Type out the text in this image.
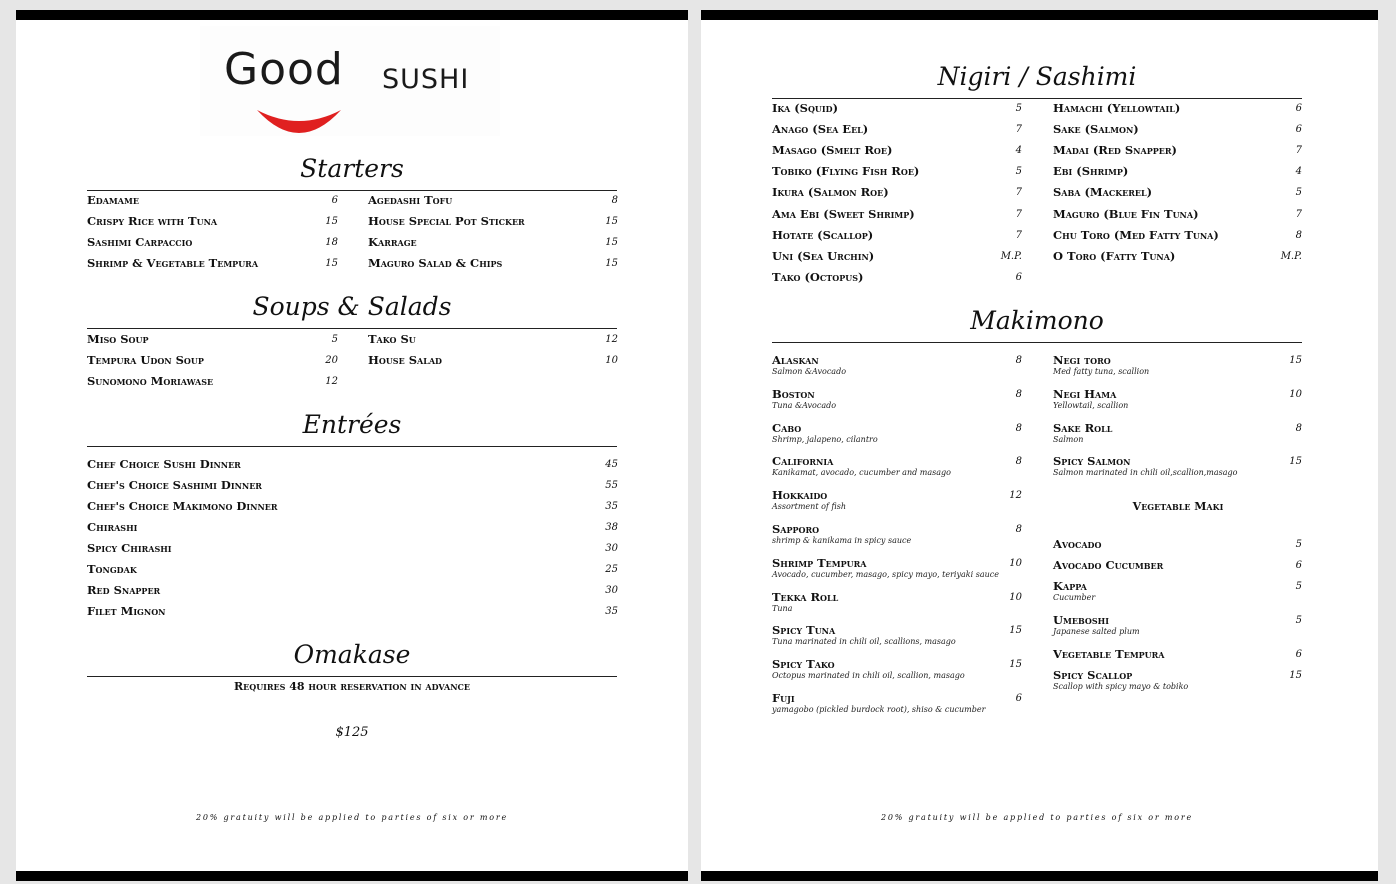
Good SUSHI
Starters
Edamame	6
Crispy Rice with Tuna	15
Sashimi Carpaccio	18
Shrimp & Vegetable Tempura	15
Agedashi Tofu	8
House Special Pot Sticker	15
Karrage	15
Maguro Salad & Chips	15
Soups & Salads
Miso Soup	5
Tempura Udon Soup	20
Sunomono Moriawase	12
Tako Su	12
House Salad	10
Entrées
Chef Choice Sushi Dinner	45
Chef's Choice Sashimi Dinner	55
Chef's Choice Makimono Dinner	35
Chirashi	38
Spicy Chirashi	30
Tongdak	25
Red Snapper	30
Filet Mignon	35
Omakase
Requires 48 hour reservation in advance
$125
20% gratuity will be applied to parties of six or more
Nigiri / Sashimi
Ika (Squid)	5
Anago (Sea Eel)	7
Masago (Smelt Roe)	4
Tobiko (Flying Fish Roe)	5
Ikura (Salmon Roe)	7
Ama Ebi (Sweet Shrimp)	7
Hotate (Scallop)	7
Uni (Sea Urchin)	M.P.
Tako (Octopus)	6
Hamachi (Yellowtail)	6
Sake (Salmon)	6
Madai (Red Snapper)	7
Ebi (Shrimp)	4
Saba (Mackerel)	5
Maguro (Blue Fin Tuna)	7
Chu Toro (Med Fatty Tuna)	8
O Toro (Fatty Tuna)	M.P.
Makimono
Alaskan	8
Salmon &Avocado
Boston	8
Tuna &Avocado
Cabo	8
Shrimp, jalapeno, cilantro
California	8
Kanikamat, avocado, cucumber and masago
Hokkaido	12
Assortment of fish
Sapporo	8
shrimp & kanikama in spicy sauce
Shrimp Tempura	10
Avocado, cucumber, masago, spicy mayo, teriyaki sauce
Tekka Roll	10
Tuna
Spicy Tuna	15
Tuna marinated in chili oil, scallions, masago
Spicy Tako	15
Octopus marinated in chili oil, scallion, masago
Fuji	6
yamagobo (pickled burdock root), shiso & cucumber
Negi toro	15
Med fatty tuna, scallion
Negi Hama	10
Yellowtail, scallion
Sake Roll	8
Salmon
Spicy Salmon	15
Salmon marinated in chili oil,scallion,masago
Vegetable Maki
Avocado	5
Avocado Cucumber	6
Kappa	5
Cucumber
Umeboshi	5
Japanese salted plum
Vegetable Tempura	6
Spicy Scallop	15
Scallop with spicy mayo & tobiko
20% gratuity will be applied to parties of six or more
